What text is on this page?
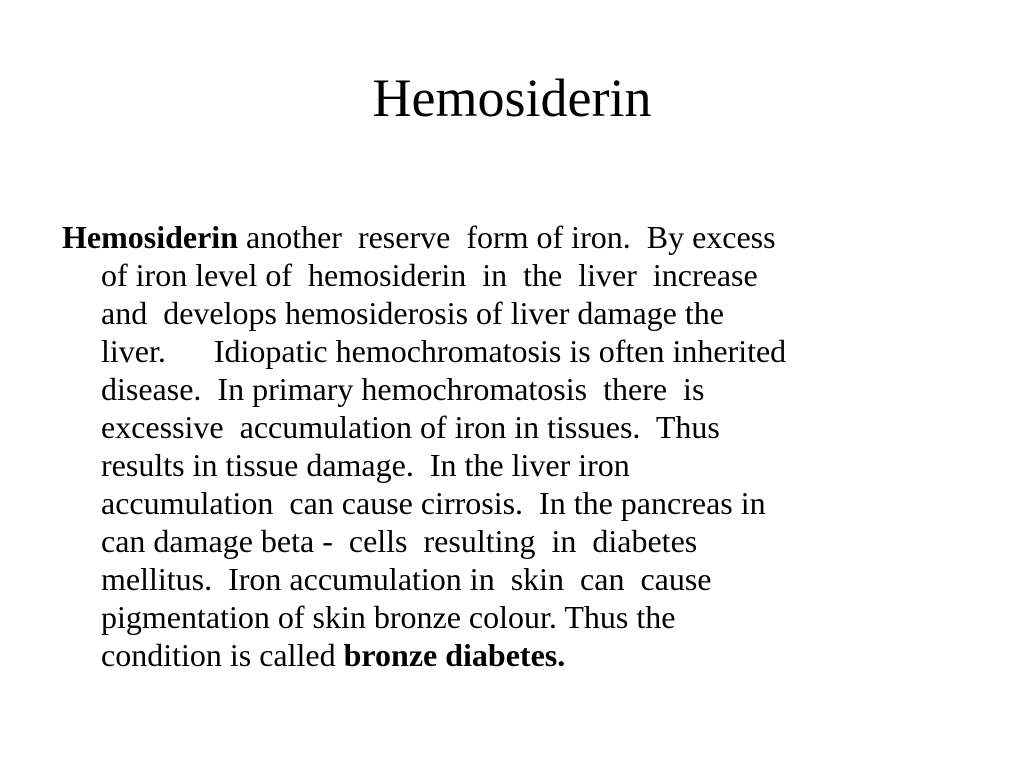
Hemosiderin
Hemosiderin another  reserve  form of iron.  By excess
of iron level of  hemosiderin  in  the  liver  increase
and  develops hemosiderosis of liver damage the
liver.      Idiopatic hemochromatosis is often inherited
disease.  In primary hemochromatosis  there  is
excessive  accumulation of iron in tissues.  Thus
results in tissue damage.  In the liver iron
accumulation  can cause cirrosis.  In the pancreas in
can damage beta -  cells  resulting  in  diabetes
mellitus.  Iron accumulation in  skin  can  cause
pigmentation of skin bronze colour. Thus the
condition is called bronze diabetes.
